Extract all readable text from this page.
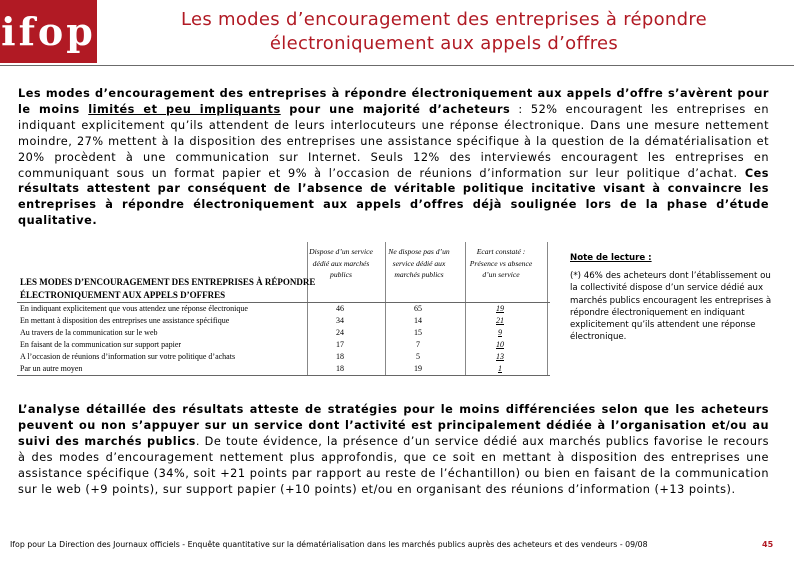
ifop	Les modes d’encouragement des entreprises à répondre
électroniquement aux appels d’offres
Les modes d’encouragement des entreprises à répondre électroniquement aux appels d’offre s’avèrent pour le moins limités et peu impliquants pour une majorité d’acheteurs : 52% encouragent les entreprises en indiquant explicitement qu’ils attendent de leurs interlocuteurs une réponse électronique. Dans une mesure nettement moindre, 27% mettent à la disposition des entreprises une assistance spécifique à la question de la dématérialisation et 20% procèdent à une communication sur Internet. Seuls 12% des interviewés encouragent les entreprises en communiquant sous un format papier et 9% à l’occasion de réunions d’information sur leur politique d’achat. Ces résultats attestent par conséquent de l’absence de véritable politique incitative visant à convaincre les entreprises à répondre électroniquement aux appels d’offres déjà soulignée lors de la phase d’étude qualitative.
Dispose d’un service dédié aux marchés publics
Ne dispose pas d’un service dédié aux marchés publics
Ecart constaté : Présence vs absence d’un service
LES MODES D’ENCOURAGEMENT DES ENTREPRISES À RÉPONDRE
ÉLECTRONIQUEMENT AUX APPELS D’OFFRES
En indiquant explicitement que vous attendez une réponse électronique	46	65	19
En mettant à disposition des entreprises une assistance spécifique	34	14	21
Au travers de la communication sur le web	24	15	9
En faisant de la communication sur support papier	17	7	10
A l’occasion de réunions d’information sur votre politique d’achats	18	5	13
Par un autre moyen	18	19	1
Note de lecture :
(*) 46% des acheteurs dont l’établissement ou la collectivité dispose d’un service dédié aux marchés publics encouragent les entreprises à répondre électroniquement en indiquant explicitement qu’ils attendent une réponse électronique.
L’analyse détaillée des résultats atteste de stratégies pour le moins différenciées selon que les acheteurs peuvent ou non s’appuyer sur un service dont l’activité est principalement dédiée à l’organisation et/ou au suivi des marchés publics. De toute évidence, la présence d’un service dédié aux marchés publics favorise le recours à des modes d’encouragement nettement plus approfondis, que ce soit en mettant à disposition des entreprises une assistance spécifique (34%, soit +21 points par rapport au reste de l’échantillon) ou bien en faisant de la communication sur le web (+9 points), sur support papier (+10 points) et/ou en organisant des réunions d’information (+13 points).
Ifop pour La Direction des Journaux officiels - Enquête quantitative sur la dématérialisation dans les marchés publics auprès des acheteurs et des vendeurs - 09/08	45
